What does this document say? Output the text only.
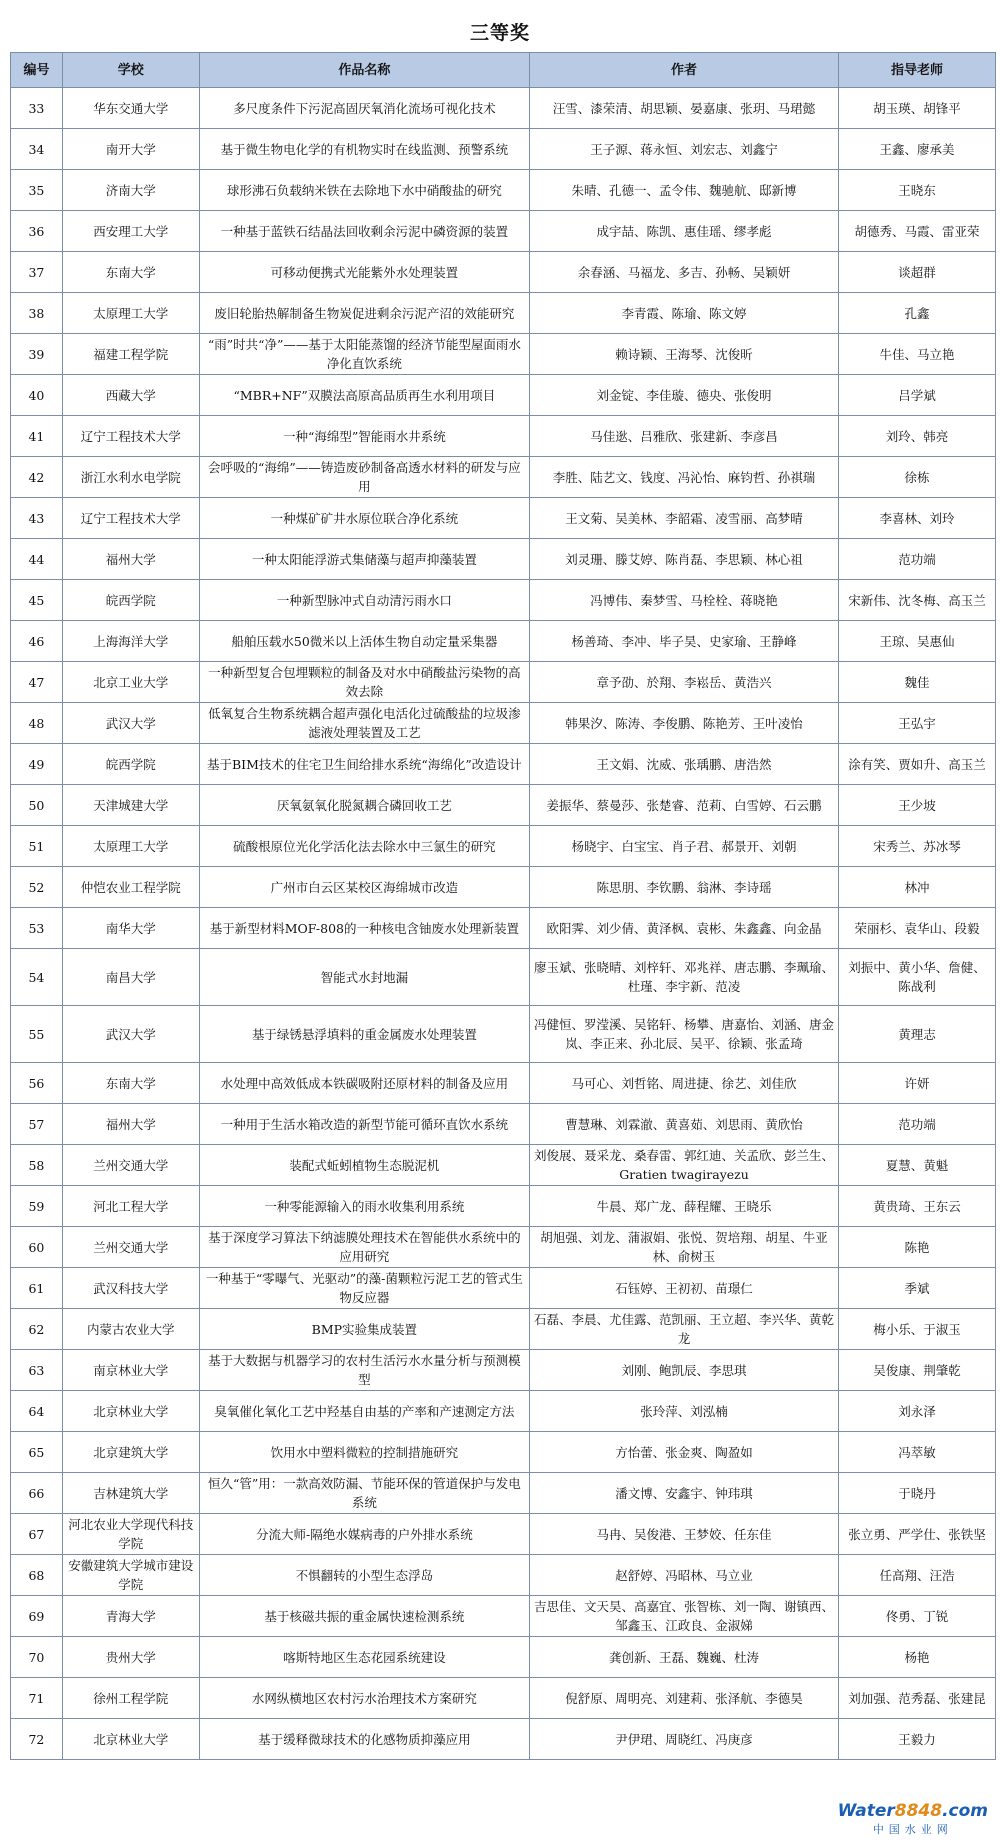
三等奖
编号	学校	作品名称	作者	指导老师
33	华东交通大学	多尺度条件下污泥高固厌氧消化流场可视化技术	汪雪、漆荣清、胡思颖、晏嘉康、张玥、马珺懿	胡玉瑛、胡锋平
34	南开大学	基于微生物电化学的有机物实时在线监测、预警系统	王子源、蒋永恒、刘宏志、刘鑫宁	王鑫、廖承美
35	济南大学	球形沸石负载纳米铁在去除地下水中硝酸盐的研究	朱晴、孔德一、孟令伟、魏驰航、邸新博	王晓东
36	西安理工大学	一种基于蓝铁石结晶法回收剩余污泥中磷资源的装置	成宇喆、陈凯、惠佳瑶、缪孝彪	胡德秀、马霞、雷亚荣
37	东南大学	可移动便携式光能紫外水处理装置	余春涵、马福龙、多吉、孙畅、吴颖妍	谈超群
38	太原理工大学	废旧轮胎热解制备生物炭促进剩余污泥产沼的效能研究	李青霞、陈瑜、陈文婷	孔鑫
39	福建工程学院	“雨”时共“净”——基于太阳能蒸馏的经济节能型屋面雨水净化直饮系统	赖诗颖、王海琴、沈俊昕	牛佳、马立艳
40	西藏大学	“MBR+NF”双膜法高原高品质再生水利用项目	刘金锭、李佳璇、德央、张俊明	吕学斌
41	辽宁工程技术大学	一种“海绵型”智能雨水井系统	马佳逖、吕雅欣、张建新、李彦昌	刘玲、韩亮
42	浙江水利水电学院	会呼吸的“海绵”——铸造废砂制备高透水材料的研发与应用	李胜、陆艺文、钱度、冯沁怡、麻钧哲、孙祺瑞	徐栋
43	辽宁工程技术大学	一种煤矿矿井水原位联合净化系统	王文菊、吴美林、李韶霜、凌雪丽、高梦晴	李喜林、刘玲
44	福州大学	一种太阳能浮游式集储藻与超声抑藻装置	刘灵珊、滕艾婷、陈肖磊、李思颖、林心祖	范功端
45	皖西学院	一种新型脉冲式自动清污雨水口	冯博伟、秦梦雪、马栓栓、蒋晓艳	宋新伟、沈冬梅、高玉兰
46	上海海洋大学	船舶压载水50微米以上活体生物自动定量采集器	杨善琦、李冲、毕子昊、史家瑜、王静峰	王琼、吴惠仙
47	北京工业大学	一种新型复合包埋颗粒的制备及对水中硝酸盐污染物的高效去除	章予劭、於翔、李崧岳、黄浩兴	魏佳
48	武汉大学	低氧复合生物系统耦合超声强化电活化过硫酸盐的垃圾渗滤液处理装置及工艺	韩果汐、陈涛、李俊鹏、陈艳芳、王叶凌怡	王弘宇
49	皖西学院	基于BIM技术的住宅卫生间给排水系统“海绵化”改造设计	王文娟、沈威、张瑀鹏、唐浩然	涂有笑、贾如升、高玉兰
50	天津城建大学	厌氧氨氧化脱氮耦合磷回收工艺	姜振华、蔡曼莎、张楚睿、范莉、白雪婷、石云鹏	王少坡
51	太原理工大学	硫酸根原位光化学活化法去除水中三氯生的研究	杨晓宇、白宝宝、肖子君、郝景开、刘朝	宋秀兰、苏冰琴
52	仲恺农业工程学院	广州市白云区某校区海绵城市改造	陈思朋、李钦鹏、翁淋、李诗瑶	林冲
53	南华大学	基于新型材料MOF-808的一种核电含铀废水处理新装置	欧阳霁、刘少倩、黄泽枫、袁彬、朱鑫鑫、向金晶	荣丽杉、袁华山、段毅
54	南昌大学	智能式水封地漏	廖玉斌、张晓晴、刘梓轩、邓兆祥、唐志鹏、李珮瑜、杜瑾、李宇新、范凌	刘振中、黄小华、詹健、陈战利
55	武汉大学	基于绿锈悬浮填料的重金属废水处理装置	冯健恒、罗滢溪、吴铭轩、杨攀、唐嘉怡、刘涵、唐金岚、李正来、孙北辰、吴平、徐颖、张孟琦	黄理志
56	东南大学	水处理中高效低成本铁碳吸附还原材料的制备及应用	马可心、刘哲铭、周进捷、徐艺、刘佳欣	许妍
57	福州大学	一种用于生活水箱改造的新型节能可循环直饮水系统	曹慧琳、刘霖澈、黄喜茹、刘思雨、黄欣怡	范功端
58	兰州交通大学	装配式蚯蚓植物生态脱泥机	刘俊展、聂采龙、桑春雷、郭红迪、关孟欣、彭兰生、Gratien twagirayezu	夏慧、黄魁
59	河北工程大学	一种零能源输入的雨水收集利用系统	牛晨、郑广龙、薛程耀、王晓乐	黄贵琦、王东云
60	兰州交通大学	基于深度学习算法下纳滤膜处理技术在智能供水系统中的应用研究	胡旭强、刘龙、蒲淑娟、张悦、贺培翔、胡星、牛亚林、俞树玉	陈艳
61	武汉科技大学	一种基于“零曝气、光驱动”的藻-菌颗粒污泥工艺的管式生物反应器	石钰婷、王初初、苗璟仁	季斌
62	内蒙古农业大学	BMP实验集成装置	石磊、李晨、尤佳露、范凯丽、王立超、李兴华、黄乾龙	梅小乐、于淑玉
63	南京林业大学	基于大数据与机器学习的农村生活污水水量分析与预测模型	刘刚、鲍凯辰、李思琪	吴俊康、荆肇乾
64	北京林业大学	臭氧催化氧化工艺中羟基自由基的产率和产速测定方法	张玲萍、刘泓楠	刘永泽
65	北京建筑大学	饮用水中塑料微粒的控制措施研究	方怡蕾、张金爽、陶盈如	冯萃敏
66	吉林建筑大学	恒久“管”用：一款高效防漏、节能环保的管道保护与发电系统	潘文博、安鑫宇、钟玮琪	于晓丹
67	河北农业大学现代科技学院	分流大师-隔绝水媒病毒的户外排水系统	马冉、吴俊港、王梦姣、任东佳	张立勇、严学仕、张铁坚
68	安徽建筑大学城市建设学院	不惧翻转的小型生态浮岛	赵舒婷、冯昭林、马立业	任高翔、汪浩
69	青海大学	基于核磁共振的重金属快速检测系统	吉思佳、文天昊、高嘉宜、张智栋、刘一陶、谢镇西、邹鑫玉、江政良、金淑娣	佟勇、丁锐
70	贵州大学	喀斯特地区生态花园系统建设	龚创新、王磊、魏巍、杜涛	杨艳
71	徐州工程学院	水网纵横地区农村污水治理技术方案研究	倪舒原、周明亮、刘建莉、张泽航、李德昊	刘加强、范秀磊、张建昆
72	北京林业大学	基于缓释微球技术的化感物质抑藻应用	尹伊珺、周晓红、冯庚彦	王毅力
Water8848.com
中国水业网
